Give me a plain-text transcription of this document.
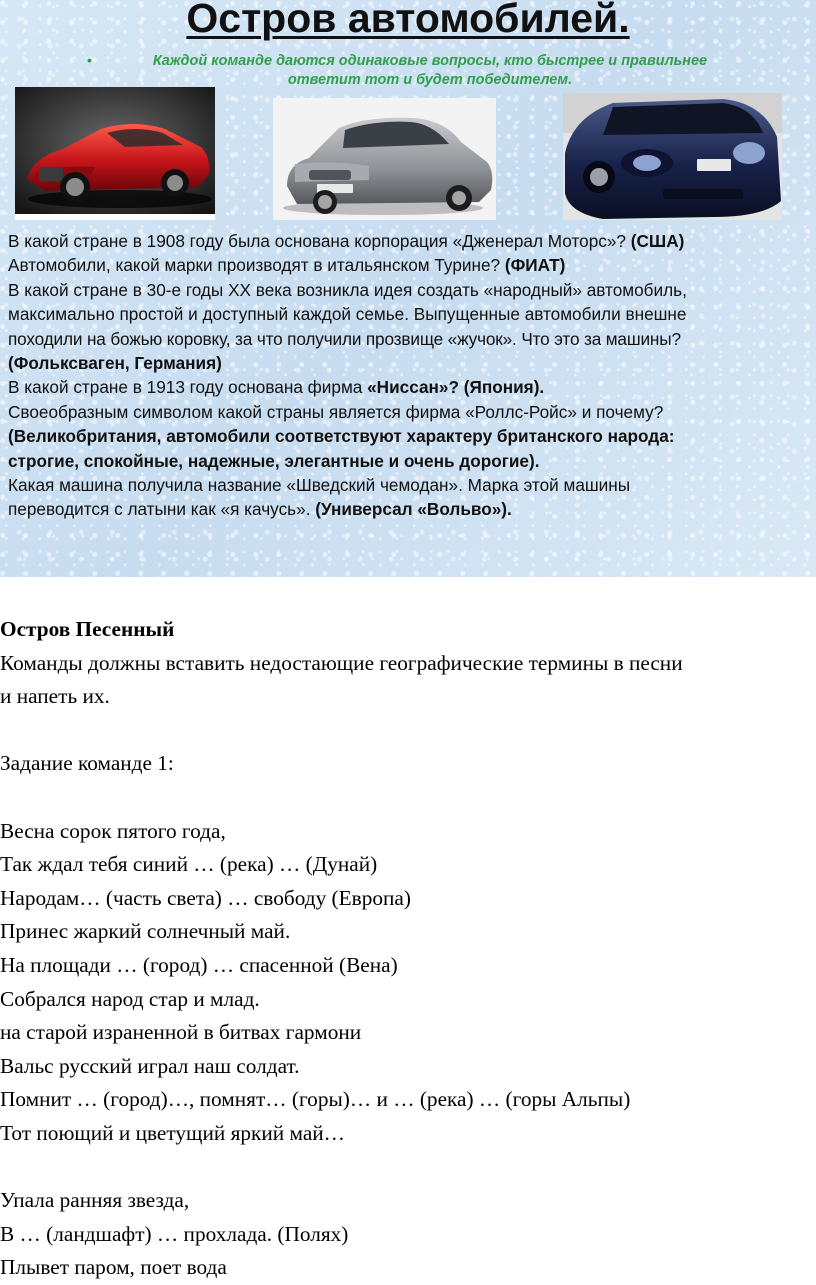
Остров автомобилей.
•	Каждой команде даются одинаковые вопросы, кто быстрее и правильнее
ответит тот и будет победителем.
В какой стране в 1908 году была основана корпорация «Дженерал Моторс»? (США)
Автомобили, какой марки производят в итальянском Турине? (ФИАТ)
В какой стране в 30-е годы XX века возникла идея создать «народный» автомобиль,
максимально простой и доступный каждой семье. Выпущенные автомобили внешне
походили на божью коровку, за что получили прозвище «жучок». Что это за машины?
(Фольксваген, Германия)
В какой стране в 1913 году основана фирма «Ниссан»? (Япония).
Своеобразным символом какой страны является фирма «Роллс-Ройс» и почему?
(Великобритания, автомобили соответствуют характеру британского народа:
строгие, спокойные, надежные, элегантные и очень дорогие).
Какая машина получила название «Шведский чемодан». Марка этой машины
переводится с латыни как «я качусь». (Универсал «Вольво»).
Остров Песенный
Команды должны вставить недостающие географические термины в песни
и напеть их.
Задание команде 1:
Весна сорок пятого года,
Так ждал тебя синий … (река) … (Дунай)
Народам… (часть света) … свободу (Европа)
Принес жаркий солнечный май.
На площади … (город) … спасенной (Вена)
Собрался народ стар и млад.
на старой израненной в битвах гармони
Вальс русский играл наш солдат.
Помнит … (город)…, помнят… (горы)… и … (река) … (горы Альпы)
Тот поющий и цветущий яркий май…
Упала ранняя звезда,
В … (ландшафт) … прохлада. (Полях)
Плывет паром, поет вода
